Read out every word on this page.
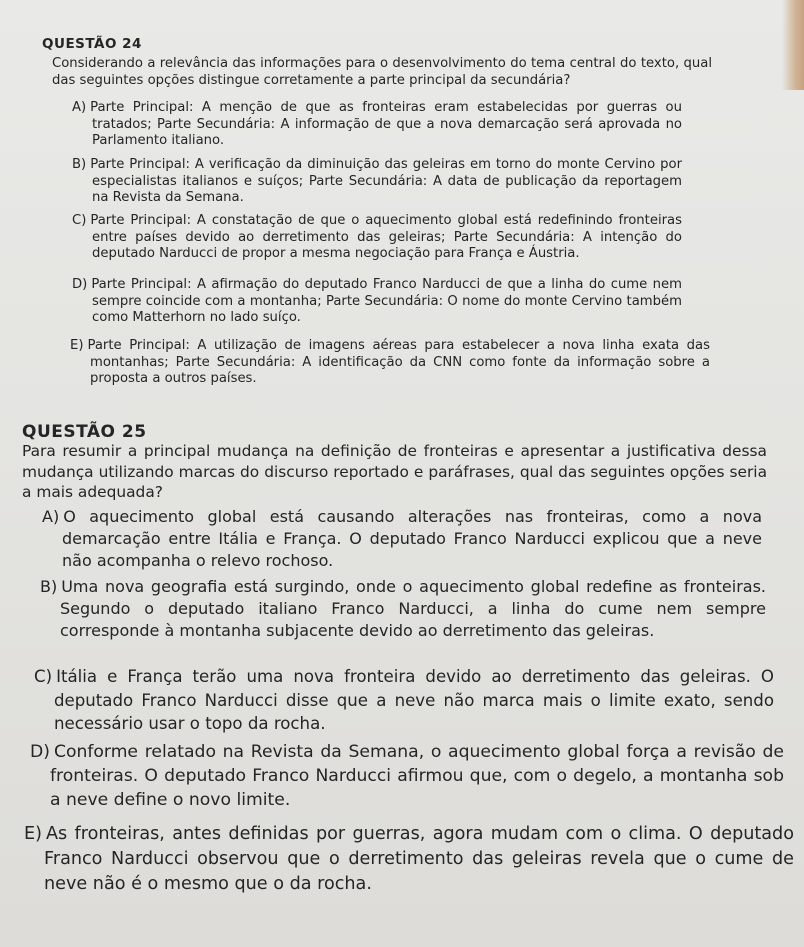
QUESTÃO 24

Considerando a relevância das informações para o desenvolvimento do tema central do texto, qual das seguintes opções distingue corretamente a parte principal da secundária?

A) Parte Principal: A menção de que as fronteiras eram estabelecidas por guerras ou tratados; Parte Secundária: A informação de que a nova demarcação será aprovada no Parlamento italiano.
B) Parte Principal: A verificação da diminuição das geleiras em torno do monte Cervino por especialistas italianos e suíços; Parte Secundária: A data de publicação da reportagem na Revista da Semana.
C) Parte Principal: A constatação de que o aquecimento global está redefinindo fronteiras entre países devido ao derretimento das geleiras; Parte Secundária: A intenção do deputado Narducci de propor a mesma negociação para França e Áustria.
D) Parte Principal: A afirmação do deputado Franco Narducci de que a linha do cume nem sempre coincide com a montanha; Parte Secundária: O nome do monte Cervino também como Matterhorn no lado suíço.
E) Parte Principal: A utilização de imagens aéreas para estabelecer a nova linha exata das montanhas; Parte Secundária: A identificação da CNN como fonte da informação sobre a proposta a outros países.
QUESTÃO 25

Para resumir a principal mudança na definição de fronteiras e apresentar a justificativa dessa mudança utilizando marcas do discurso reportado e paráfrases, qual das seguintes opções seria a mais adequada?

A) O aquecimento global está causando alterações nas fronteiras, como a nova demarcação entre Itália e França. O deputado Franco Narducci explicou que a neve não acompanha o relevo rochoso.
B) Uma nova geografia está surgindo, onde o aquecimento global redefine as fronteiras. Segundo o deputado italiano Franco Narducci, a linha do cume nem sempre corresponde à montanha subjacente devido ao derretimento das geleiras.
C) Itália e França terão uma nova fronteira devido ao derretimento das geleiras. O deputado Franco Narducci disse que a neve não marca mais o limite exato, sendo necessário usar o topo da rocha.
D) Conforme relatado na Revista da Semana, o aquecimento global força a revisão de fronteiras. O deputado Franco Narducci afirmou que, com o degelo, a montanha sob a neve define o novo limite.
E) As fronteiras, antes definidas por guerras, agora mudam com o clima. O deputado Franco Narducci observou que o derretimento das geleiras revela que o cume de neve não é o mesmo que o da rocha.
